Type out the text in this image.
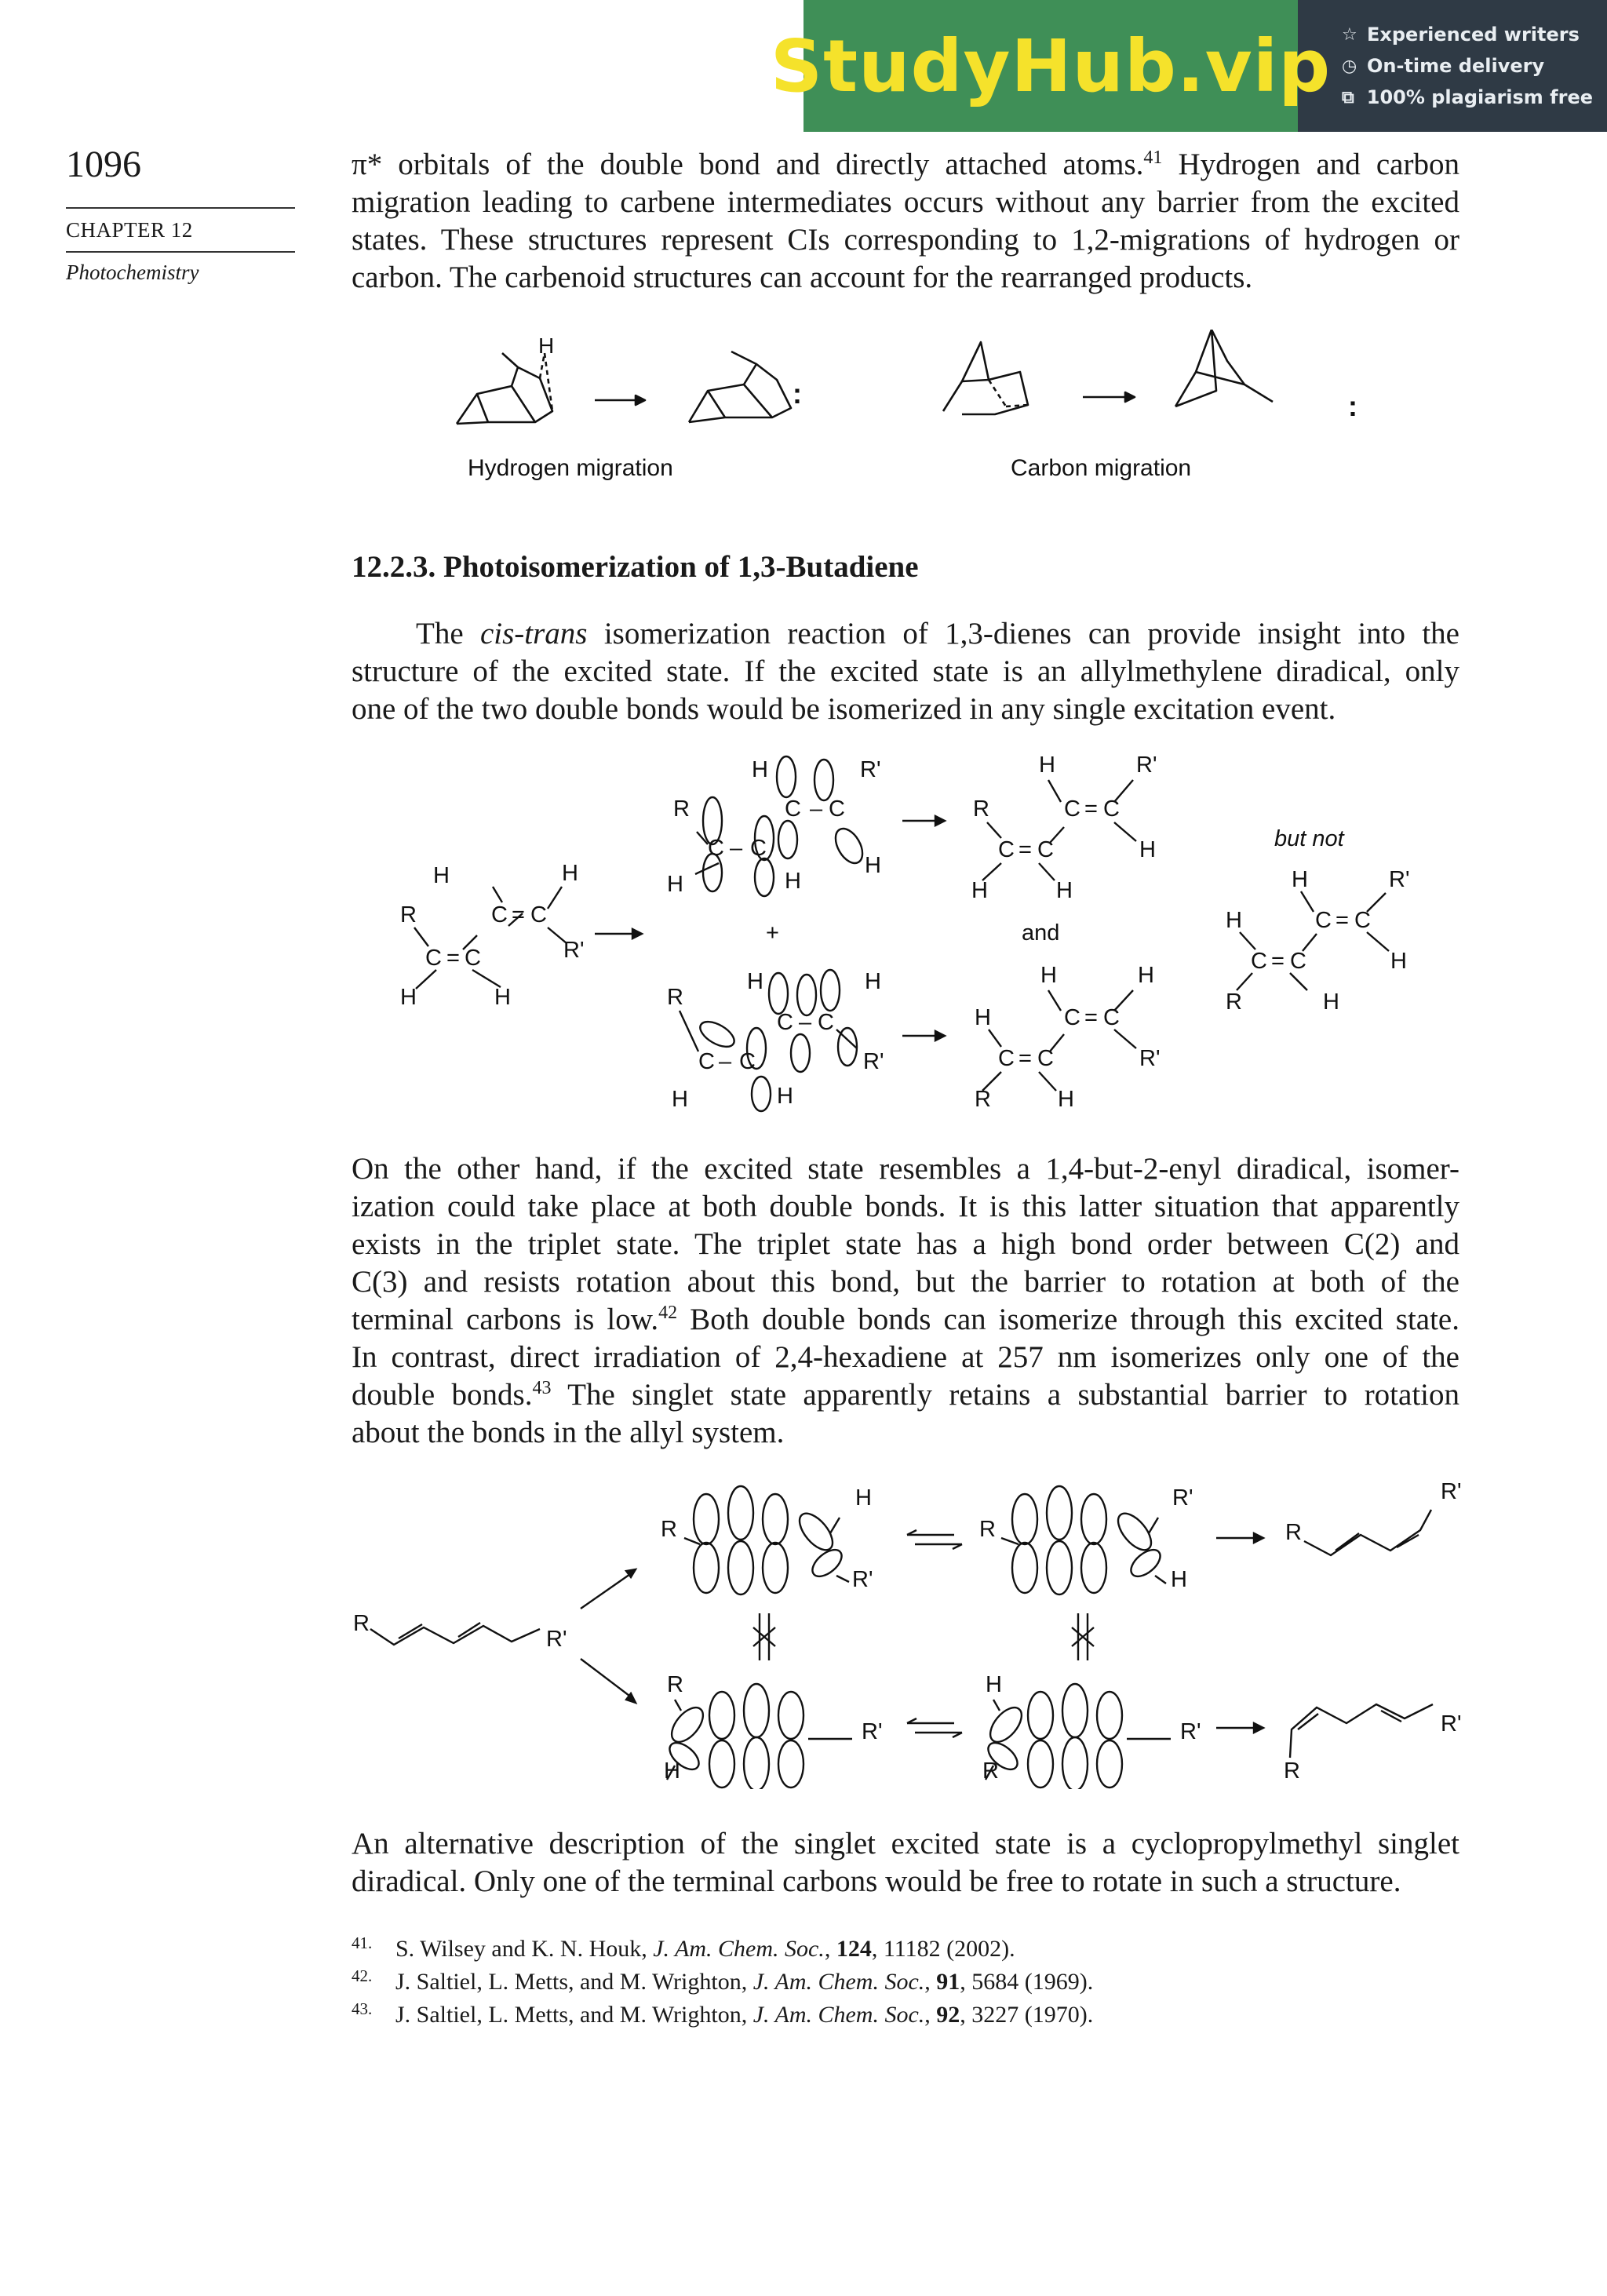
StudyHub.vip ☆ Experienced writers
◷ On-time delivery
⧉ 100% plagiarism free
1096
CHAPTER 12
Photochemistry
π* orbitals of the double bond and directly attached atoms.$^{41}$ Hydrogen and carbon
migration leading to carbene intermediates occurs without any barrier from the excited
states. These structures represent CIs corresponding to 1,2-migrations of hydrogen or
carbon. The carbenoid structures can account for the rearranged products.
H
:	:
Hydrogen migration	Carbon migration
12.2.3. Photoisomerization of 1,3-Butadiene
The cis-trans isomerization reaction of 1,3-dienes can provide insight into the
structure of the excited state. If the excited state is an allylmethylene diradical, only
one of the two double bonds would be isomerized in any single excitation event.
R
C = C
H
H	H
C = C
H
R'
H	R'
R	C – C
C – C
H	H
H
+
H	H
R
C – C
C – C
H	H
R'
H	R'
R	C = C
C = C	H
H	H
and
H	H
H	C = C
C = C	R'
R	H
but not
H	R'
H	C = C
C = C	H
R	H
On the other hand, if the excited state resembles a 1,4-but-2-enyl diradical, isomer-
ization could take place at both double bonds. It is this latter situation that apparently
exists in the triplet state. The triplet state has a high bond order between C(2) and
C(3) and resists rotation about this bond, but the barrier to rotation at both of the
terminal carbons is low.$^{42}$ Both double bonds can isomerize through this excited state.
In contrast, direct irradiation of 2,4-hexadiene at 257 nm isomerizes only one of the
double bonds.$^{43}$ The singlet state apparently retains a substantial barrier to rotation
about the bonds in the allyl system.
R
R'
R
H
R'
R
R'
H
R
R'
R
H
R'
H
R
R'
R
R'
An alternative description of the singlet excited state is a cyclopropylmethyl singlet
diradical. Only one of the terminal carbons would be free to rotate in such a structure.
41. S. Wilsey and K. N. Houk, J. Am. Chem. Soc., 124, 11182 (2002).
42. J. Saltiel, L. Metts, and M. Wrighton, J. Am. Chem. Soc., 91, 5684 (1969).
43. J. Saltiel, L. Metts, and M. Wrighton, J. Am. Chem. Soc., 92, 3227 (1970).
